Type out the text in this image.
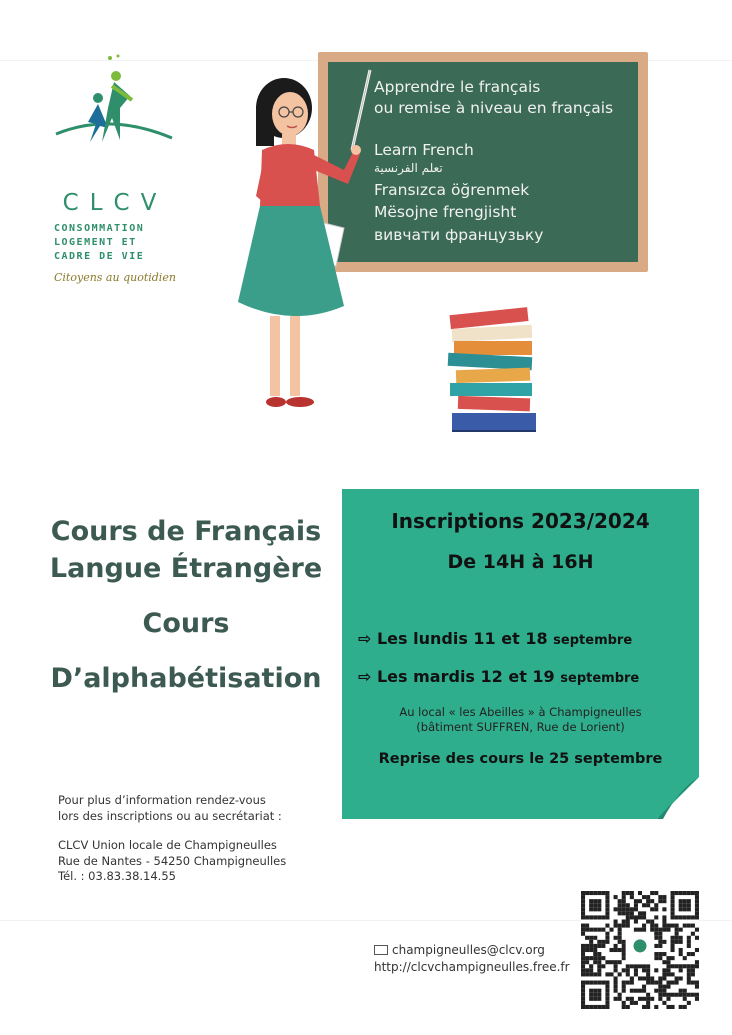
CLCV
CONSOMMATION
LOGEMENT ET
CADRE DE VIE
Citoyens au quotidien
Apprendre le français
ou remise à niveau en français
Learn French
تعلم الفرنسية
Fransızca öğrenmek
Mësojne frengjisht
вивчати французьку
Cours de Français
Langue Étrangère
Cours
D’alphabétisation
Inscriptions 2023/2024
De 14H à 16H
⇨ Les lundis 11 et 18 septembre
⇨ Les mardis 12 et 19 septembre
Au local « les Abeilles » à Champigneulles
(bâtiment SUFFREN, Rue de Lorient)
Reprise des cours le 25 septembre
Pour plus d’information rendez-vous
lors des inscriptions ou au secrétariat :
CLCV Union locale de Champigneulles
Rue de Nantes - 54250 Champigneulles
Tél. : 03.83.38.14.55
champigneulles@clcv.org
http://clcvchampigneulles.free.fr
